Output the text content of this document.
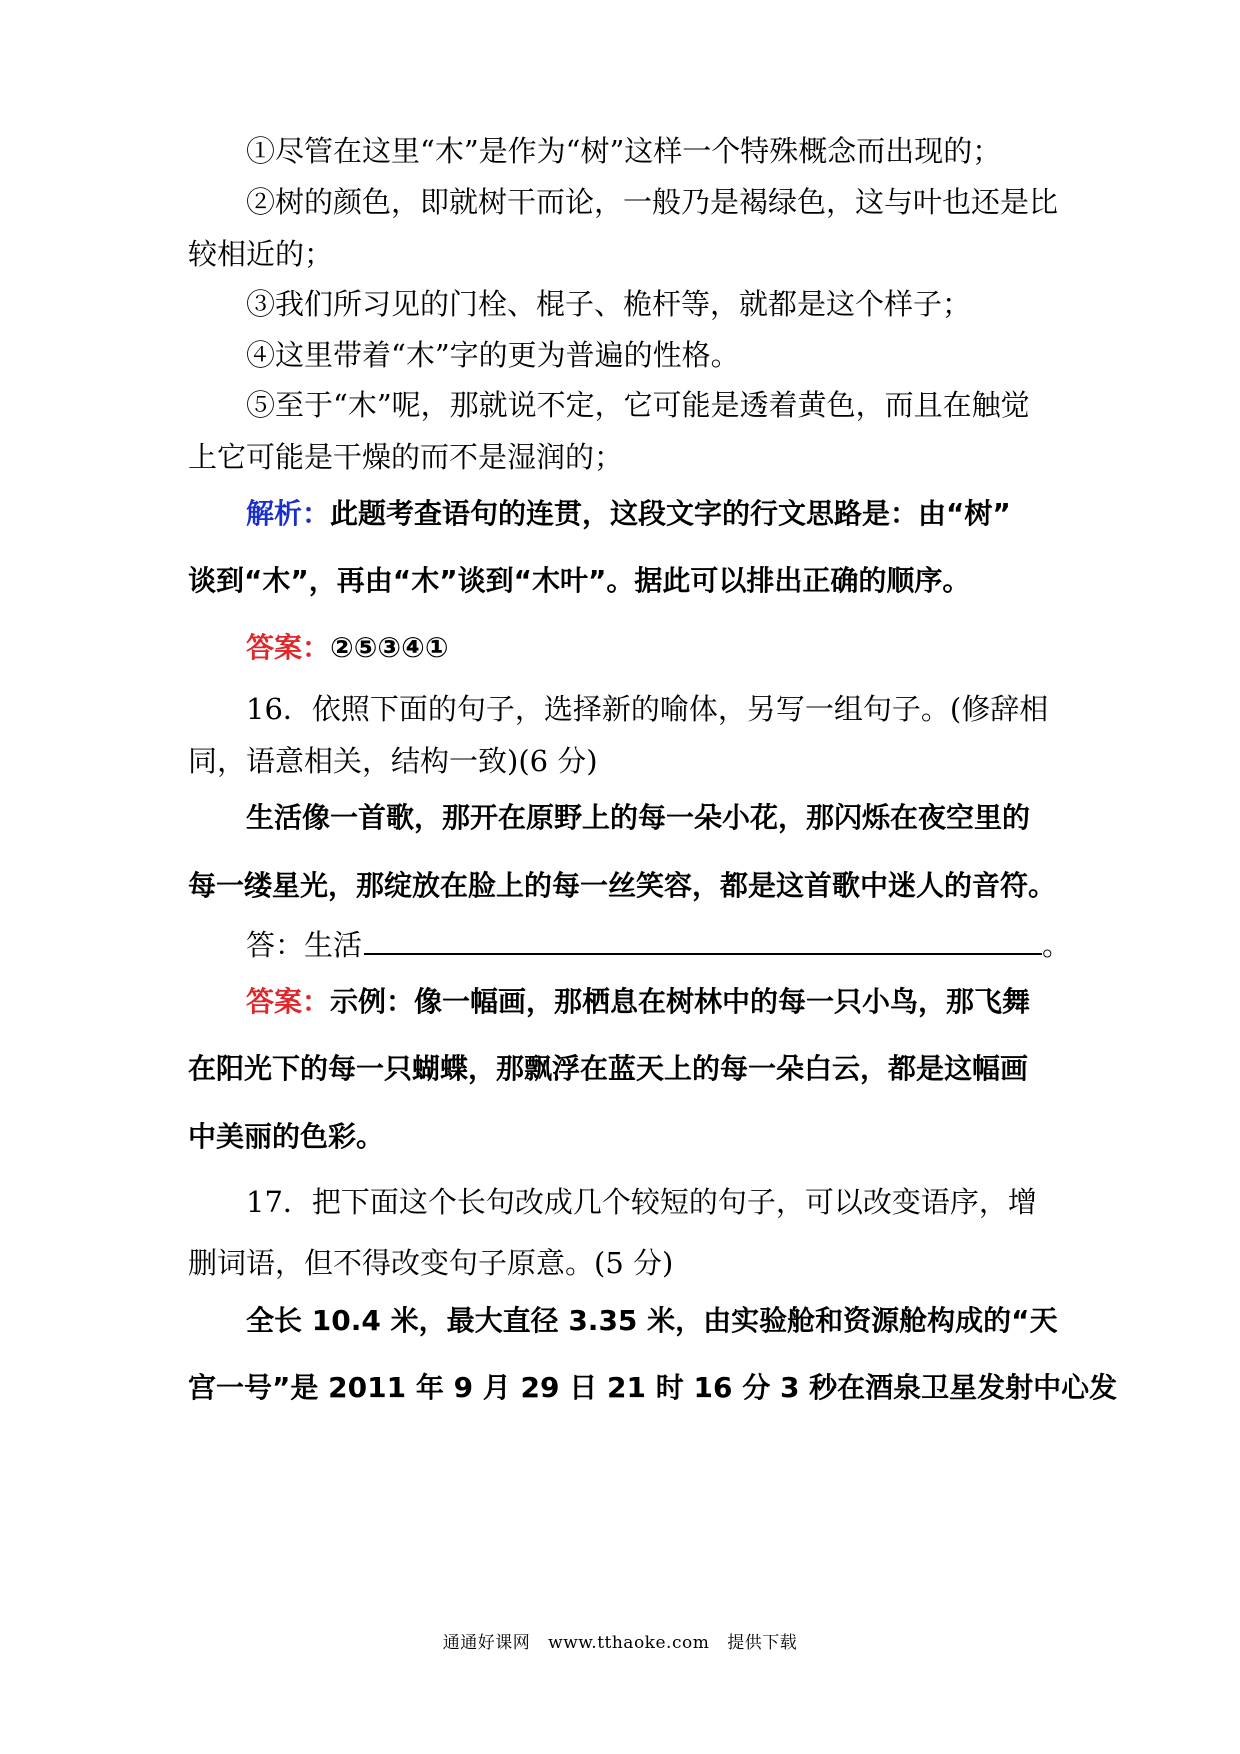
①尽管在这里“木”是作为“树”这样一个特殊概念而出现的；
②树的颜色，即就树干而论，一般乃是褐绿色，这与叶也还是比
较相近的；
③我们所习见的门栓、棍子、桅杆等，就都是这个样子；
④这里带着“木”字的更为普遍的性格。
⑤至于“木”呢，那就说不定，它可能是透着黄色，而且在触觉
上它可能是干燥的而不是湿润的；
解析：此题考查语句的连贯，这段文字的行文思路是：由“树”
谈到“木”，再由“木”谈到“木叶”。据此可以排出正确的顺序。
答案：②⑤③④①
16．依照下面的句子，选择新的喻体，另写一组句子。(修辞相
同，语意相关，结构一致)(6 分)
生活像一首歌，那开在原野上的每一朵小花，那闪烁在夜空里的
每一缕星光，那绽放在脸上的每一丝笑容，都是这首歌中迷人的音符。
答：生活	。
答案：示例：像一幅画，那栖息在树林中的每一只小鸟，那飞舞
在阳光下的每一只蝴蝶，那飘浮在蓝天上的每一朵白云，都是这幅画
中美丽的色彩。
17．把下面这个长句改成几个较短的句子，可以改变语序，增
删词语，但不得改变句子原意。(5 分)
全长 10.4 米，最大直径 3.35 米，由实验舱和资源舱构成的“天
宫一号”是 2011 年 9 月 29 日 21 时 16 分 3 秒在酒泉卫星发射中心发
通通好课网 www.tthaoke.com 提供下载
